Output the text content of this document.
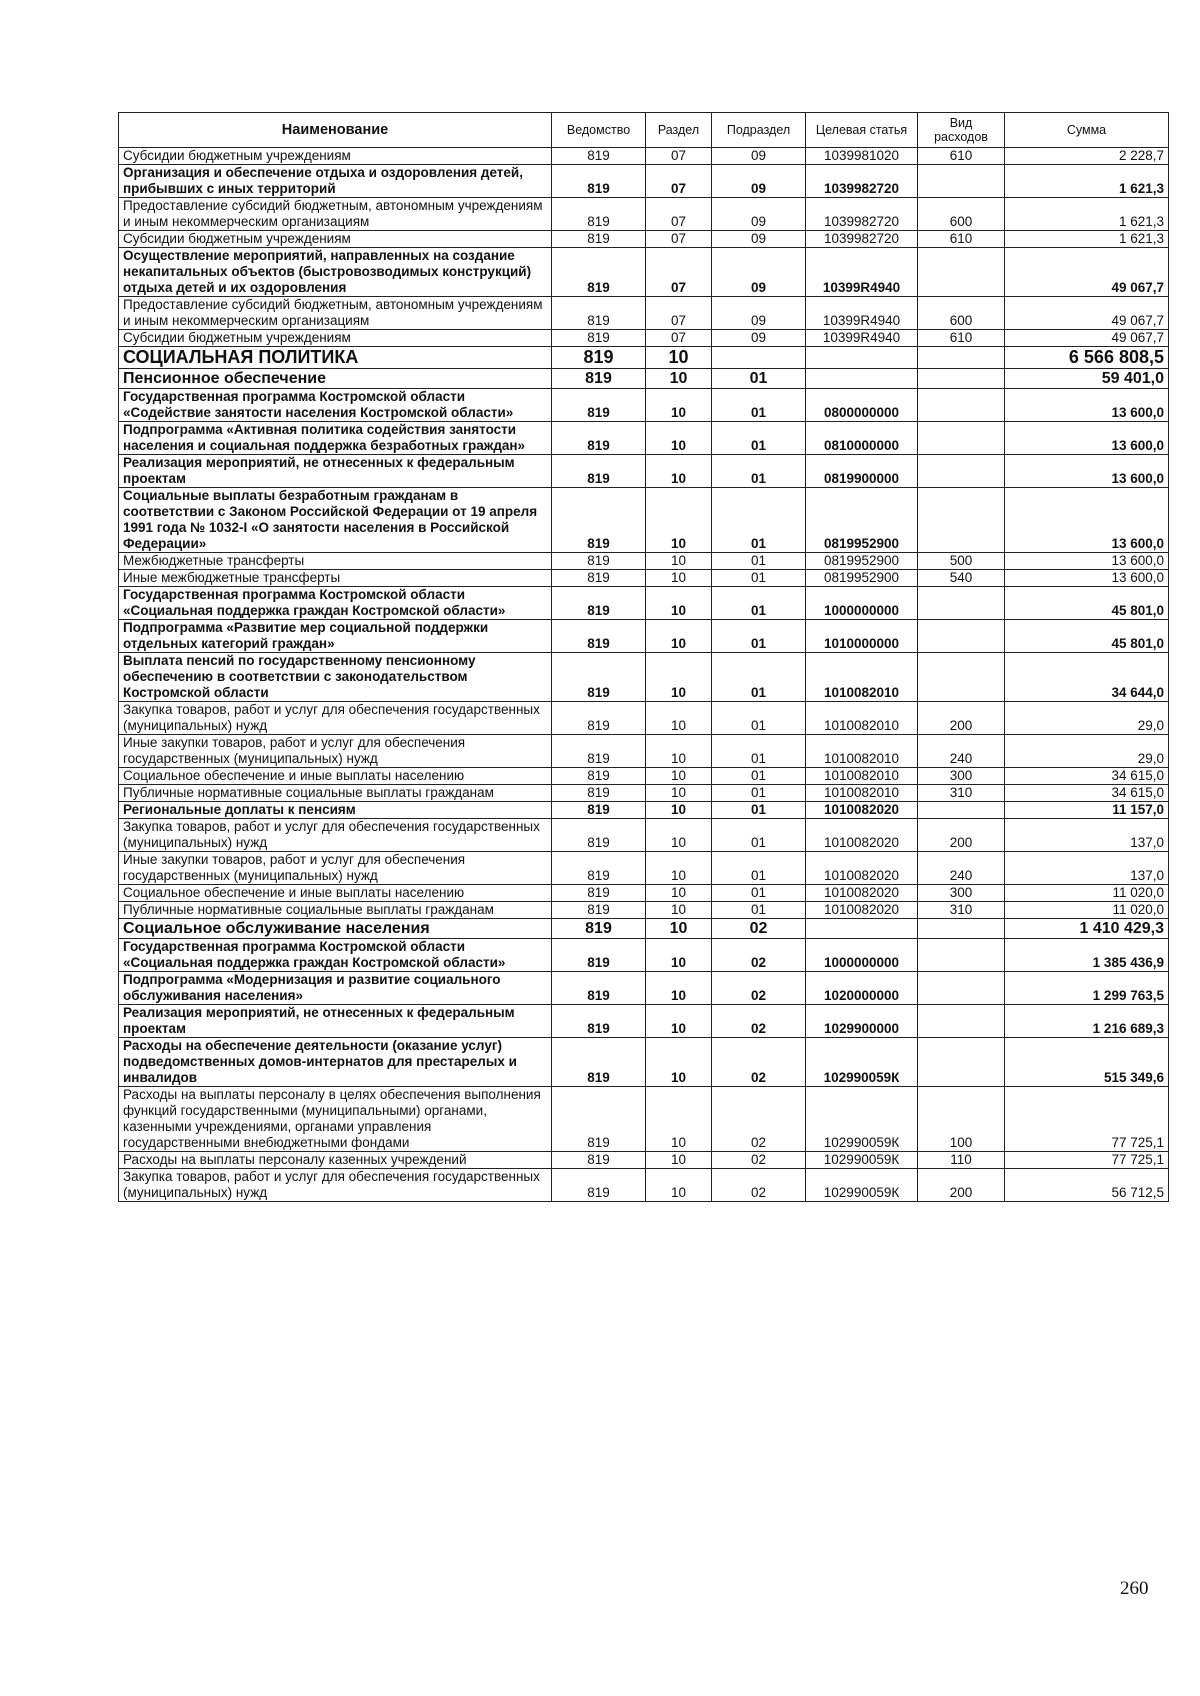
Наименование	Ведомство	Раздел	Подраздел	Целевая статья	Вид расходов	Сумма
Субсидии бюджетным учреждениям	819	07	09	1039981020	610	2 228,7
Организация и обеспечение отдыха и оздоровления детей, прибывших с иных территорий	819	07	09	1039982720		1 621,3
Предоставление субсидий бюджетным, автономным учреждениям и иным некоммерческим организациям	819	07	09	1039982720	600	1 621,3
Субсидии бюджетным учреждениям	819	07	09	1039982720	610	1 621,3
Осуществление мероприятий, направленных на создание некапитальных объектов (быстровозводимых конструкций) отдыха детей и их оздоровления	819	07	09	10399R4940		49 067,7
Предоставление субсидий бюджетным, автономным учреждениям и иным некоммерческим организациям	819	07	09	10399R4940	600	49 067,7
Субсидии бюджетным учреждениям	819	07	09	10399R4940	610	49 067,7
СОЦИАЛЬНАЯ ПОЛИТИКА	819	10				6 566 808,5
Пенсионное обеспечение	819	10	01			59 401,0
Государственная программа Костромской области «Содействие занятости населения Костромской области»	819	10	01	0800000000		13 600,0
Подпрограмма «Активная политика содействия занятости населения и социальная поддержка безработных граждан»	819	10	01	0810000000		13 600,0
Реализация мероприятий, не отнесенных к федеральным проектам	819	10	01	0819900000		13 600,0
Социальные выплаты безработным гражданам в соответствии с Законом Российской Федерации от 19 апреля 1991 года № 1032-I «О занятости населения в Российской Федерации»	819	10	01	0819952900		13 600,0
Межбюджетные трансферты	819	10	01	0819952900	500	13 600,0
Иные межбюджетные трансферты	819	10	01	0819952900	540	13 600,0
Государственная программа Костромской области «Социальная поддержка граждан Костромской области»	819	10	01	1000000000		45 801,0
Подпрограмма «Развитие мер социальной поддержки отдельных категорий граждан»	819	10	01	1010000000		45 801,0
Выплата пенсий по государственному пенсионному обеспечению в соответствии с законодательством Костромской области	819	10	01	1010082010		34 644,0
Закупка товаров, работ и услуг для обеспечения государственных (муниципальных) нужд	819	10	01	1010082010	200	29,0
Иные закупки товаров, работ и услуг для обеспечения государственных (муниципальных) нужд	819	10	01	1010082010	240	29,0
Социальное обеспечение и иные выплаты населению	819	10	01	1010082010	300	34 615,0
Публичные нормативные социальные выплаты гражданам	819	10	01	1010082010	310	34 615,0
Региональные доплаты к пенсиям	819	10	01	1010082020		11 157,0
Закупка товаров, работ и услуг для обеспечения государственных (муниципальных) нужд	819	10	01	1010082020	200	137,0
Иные закупки товаров, работ и услуг для обеспечения государственных (муниципальных) нужд	819	10	01	1010082020	240	137,0
Социальное обеспечение и иные выплаты населению	819	10	01	1010082020	300	11 020,0
Публичные нормативные социальные выплаты гражданам	819	10	01	1010082020	310	11 020,0
Социальное обслуживание населения	819	10	02			1 410 429,3
Государственная программа Костромской области «Социальная поддержка граждан Костромской области»	819	10	02	1000000000		1 385 436,9
Подпрограмма «Модернизация и развитие социального обслуживания населения»	819	10	02	1020000000		1 299 763,5
Реализация мероприятий, не отнесенных к федеральным проектам	819	10	02	1029900000		1 216 689,3
Расходы на обеспечение деятельности (оказание услуг) подведомственных домов-интернатов для престарелых и инвалидов	819	10	02	102990059К		515 349,6
Расходы на выплаты персоналу в целях обеспечения выполнения функций государственными (муниципальными) органами, казенными учреждениями, органами управления государственными внебюджетными фондами	819	10	02	102990059К	100	77 725,1
Расходы на выплаты персоналу казенных учреждений	819	10	02	102990059К	110	77 725,1
Закупка товаров, работ и услуг для обеспечения государственных (муниципальных) нужд	819	10	02	102990059К	200	56 712,5
260
